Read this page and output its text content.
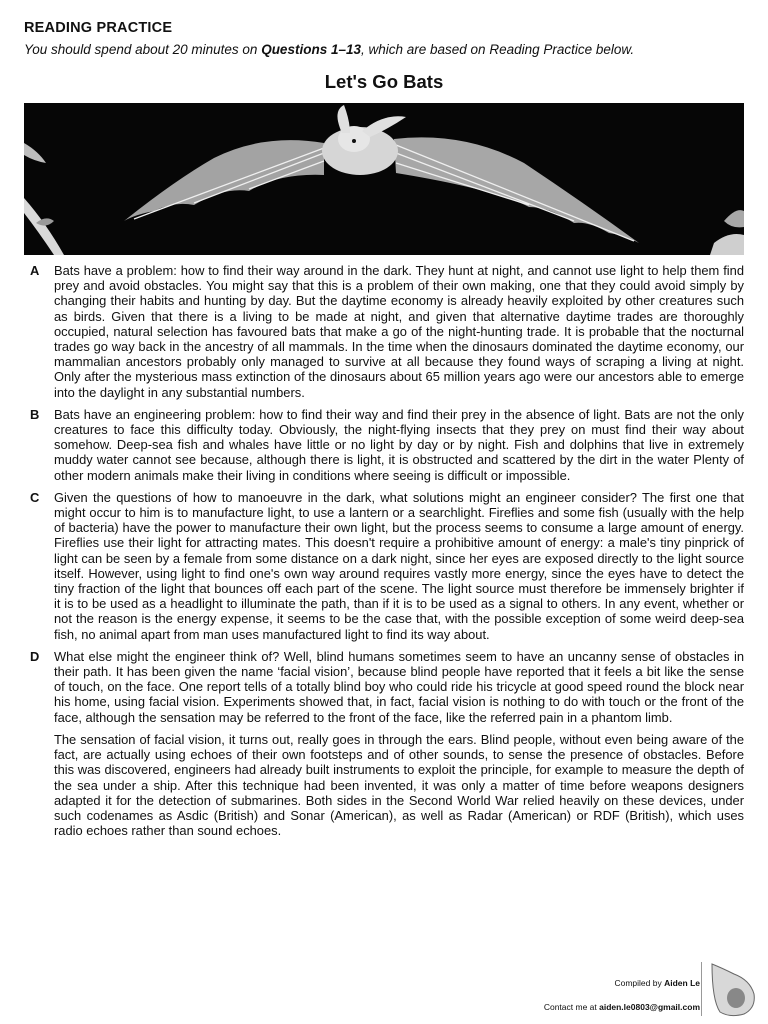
READING PRACTICE

You should spend about 20 minutes on Questions 1–13, which are based on Reading Practice below.

Let's Go Bats
A	Bats have a problem: how to find their way around in the dark. They hunt at night, and cannot use light to help them find prey and avoid obstacles. You might say that this is a problem of their own making, one that they could avoid simply by changing their habits and hunting by day. But the daytime economy is already heavily exploited by other creatures such as birds. Given that there is a living to be made at night, and given that alternative daytime trades are thoroughly occupied, natural selection has favoured bats that make a go of the night-hunting trade. It is probable that the nocturnal trades go way back in the ancestry of all mammals. In the time when the dinosaurs dominated the daytime economy, our mammalian ancestors probably only managed to survive at all because they found ways of scraping a living at night. Only after the mysterious mass extinction of the dinosaurs about 65 million years ago were our ancestors able to emerge into the daylight in any substantial numbers.

B	Bats have an engineering problem: how to find their way and find their prey in the absence of light. Bats are not the only creatures to face this difficulty today. Obviously, the night-flying insects that they prey on must find their way about somehow. Deep-sea fish and whales have little or no light by day or by night. Fish and dolphins that live in extremely muddy water cannot see because, although there is light, it is obstructed and scattered by the dirt in the water Plenty of other modern animals make their living in conditions where seeing is difficult or impossible.

C	Given the questions of how to manoeuvre in the dark, what solutions might an engineer consider? The first one that might occur to him is to manufacture light, to use a lantern or a searchlight. Fireflies and some fish (usually with the help of bacteria) have the power to manufacture their own light, but the process seems to consume a large amount of energy. Fireflies use their light for attracting mates. This doesn't require a prohibitive amount of energy: a male's tiny pinprick of light can be seen by a female from some distance on a dark night, since her eyes are exposed directly to the light source itself. However, using light to find one's own way around requires vastly more energy, since the eyes have to detect the tiny fraction of the light that bounces off each part of the scene. The light source must therefore be immensely brighter if it is to be used as a headlight to illuminate the path, than if it is to be used as a signal to others. In any event, whether or not the reason is the energy expense, it seems to be the case that, with the possible exception of some weird deep-sea fish, no animal apart from man uses manufactured light to find its way about.

D	What else might the engineer think of? Well, blind humans sometimes seem to have an uncanny sense of obstacles in their path. It has been given the name ‘facial vision’, because blind people have reported that it feels a bit like the sense of touch, on the face. One report tells of a totally blind boy who could ride his tricycle at good speed round the block near his home, using facial vision. Experiments showed that, in fact, facial vision is nothing to do with touch or the front of the face, although the sensation may be referred to the front of the face, like the referred pain in a phantom limb.

The sensation of facial vision, it turns out, really goes in through the ears. Blind people, without even being aware of the fact, are actually using echoes of their own footsteps and of other sounds, to sense the presence of obstacles. Before this was discovered, engineers had already built instruments to exploit the principle, for example to measure the depth of the sea under a ship. After this technique had been invented, it was only a matter of time before weapons designers adapted it for the detection of submarines. Both sides in the Second World War relied heavily on these devices, under such codenames as Asdic (British) and Sonar (American), as well as Radar (American) or RDF (British), which uses radio echoes rather than sound echoes.

Compiled by Aiden Le
Contact me at aiden.le0803@gmail.com
